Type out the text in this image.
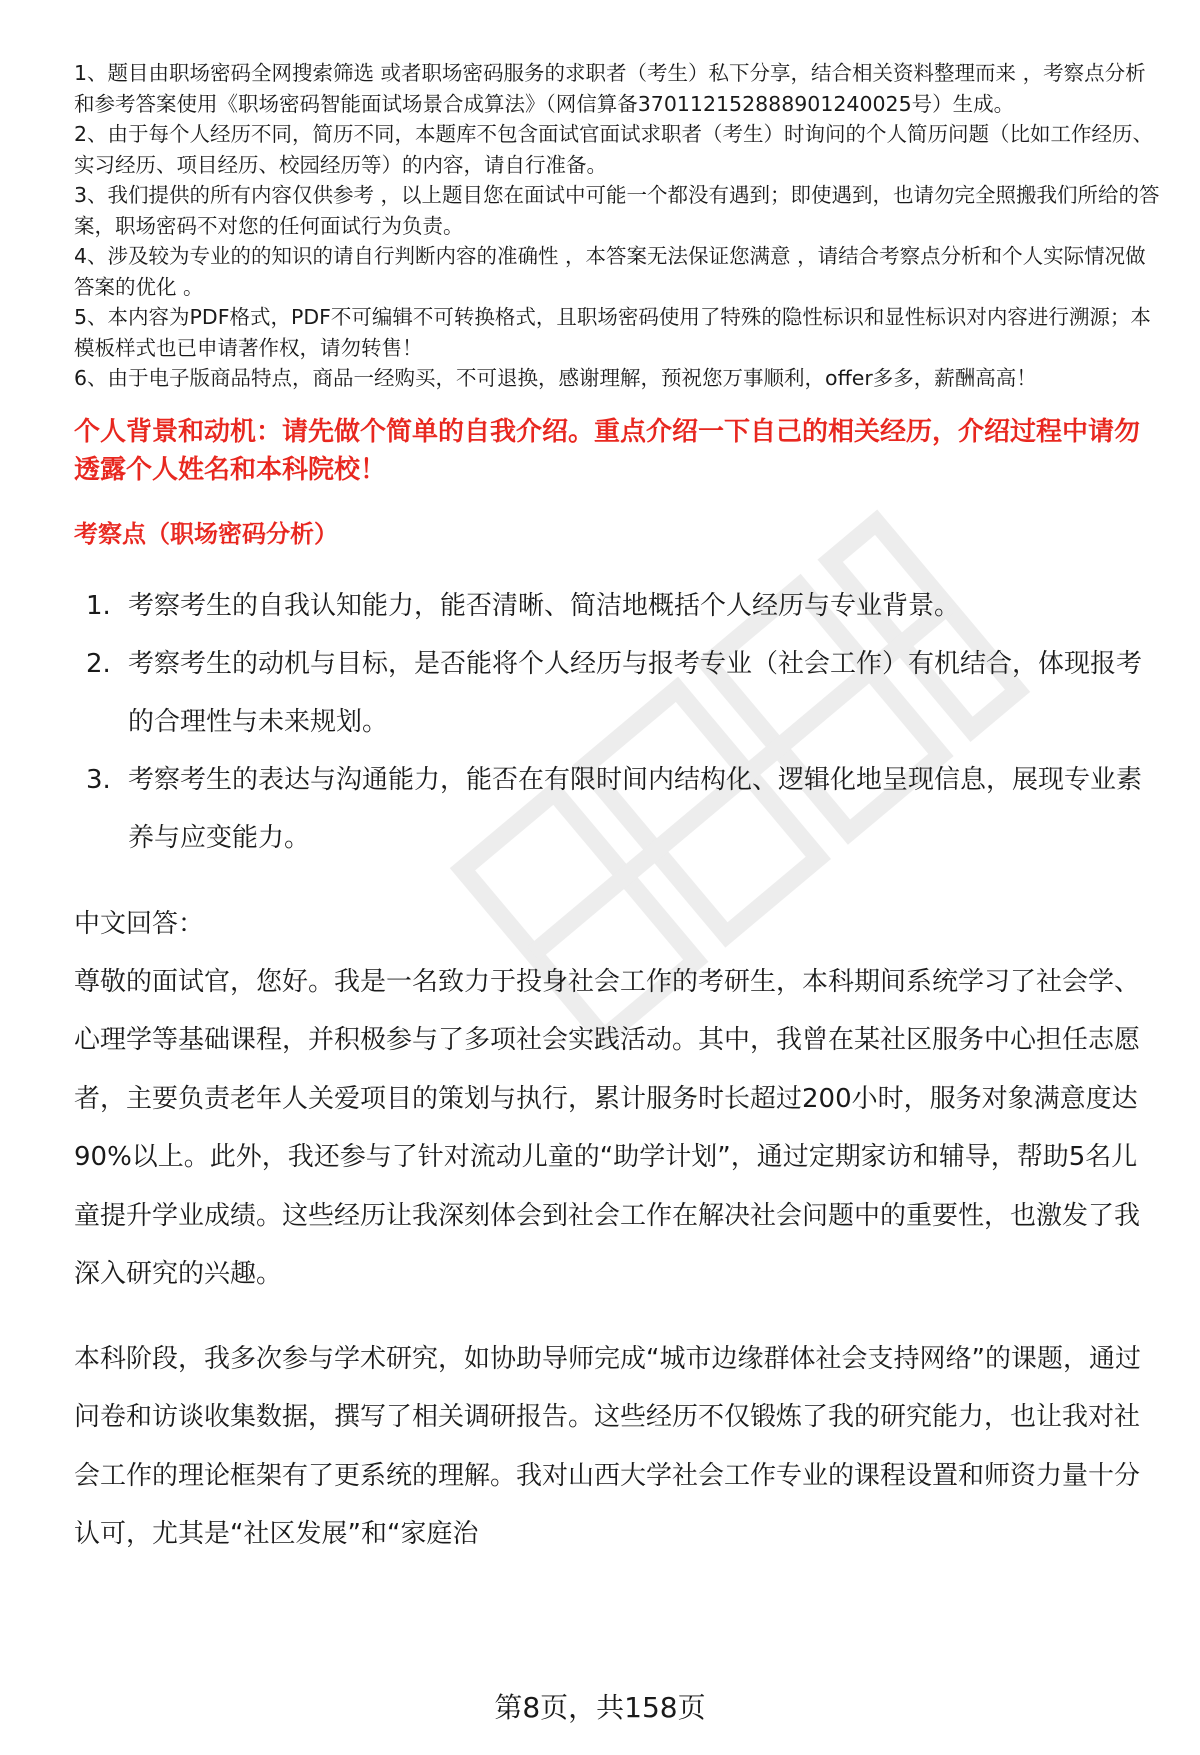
1、题目由职场密码全网搜索筛选 或者职场密码服务的求职者（考生）私下分享，结合相关资料整理而来 ，考察点分析和参考答案使用《职场密码智能面试场景合成算法》（网信算备370112152888901240025号）生成。

2、由于每个人经历不同，简历不同，本题库不包含面试官面试求职者（考生）时询问的个人简历问题（比如工作经历、实习经历、项目经历、校园经历等）的内容，请自行准备。

3、我们提供的所有内容仅供参考 ，以上题目您在面试中可能一个都没有遇到；即使遇到，也请勿完全照搬我们所给的答案，职场密码不对您的任何面试行为负责。

4、涉及较为专业的的知识的请自行判断内容的准确性 ，本答案无法保证您满意 ，请结合考察点分析和个人实际情况做答案的优化 。

5、本内容为PDF格式，PDF不可编辑不可转换格式，且职场密码使用了特殊的隐性标识和显性标识对内容进行溯源；本模板样式也已申请著作权，请勿转售！

6、由于电子版商品特点，商品一经购买，不可退换，感谢理解，预祝您万事顺利，offer多多，薪酬高高！

个人背景和动机：请先做个简单的自我介绍。重点介绍一下自己的相关经历，介绍过程中请勿透露个人姓名和本科院校！
考察点（职场密码分析）
1. 考察考生的自我认知能力，能否清晰、简洁地概括个人经历与专业背景。
2. 考察考生的动机与目标，是否能将个人经历与报考专业（社会工作）有机结合，体现报考的合理性与未来规划。
3. 考察考生的表达与沟通能力，能否在有限时间内结构化、逻辑化地呈现信息，展现专业素养与应变能力。
中文回答：

尊敬的面试官，您好。我是一名致力于投身社会工作的考研生，本科期间系统学习了社会学、心理学等基础课程，并积极参与了多项社会实践活动。其中，我曾在某社区服务中心担任志愿者，主要负责老年人关爱项目的策划与执行，累计服务时长超过200小时，服务对象满意度达90%以上。此外，我还参与了针对流动儿童的“助学计划”，通过定期家访和辅导，帮助5名儿童提升学业成绩。这些经历让我深刻体会到社会工作在解决社会问题中的重要性，也激发了我深入研究的兴趣。

本科阶段，我多次参与学术研究，如协助导师完成“城市边缘群体社会支持网络”的课题，通过问卷和访谈收集数据，撰写了相关调研报告。这些经历不仅锻炼了我的研究能力，也让我对社会工作的理论框架有了更系统的理解。我对山西大学社会工作专业的课程设置和师资力量十分认可，尤其是“社区发展”和“家庭治

第8页，共158页
